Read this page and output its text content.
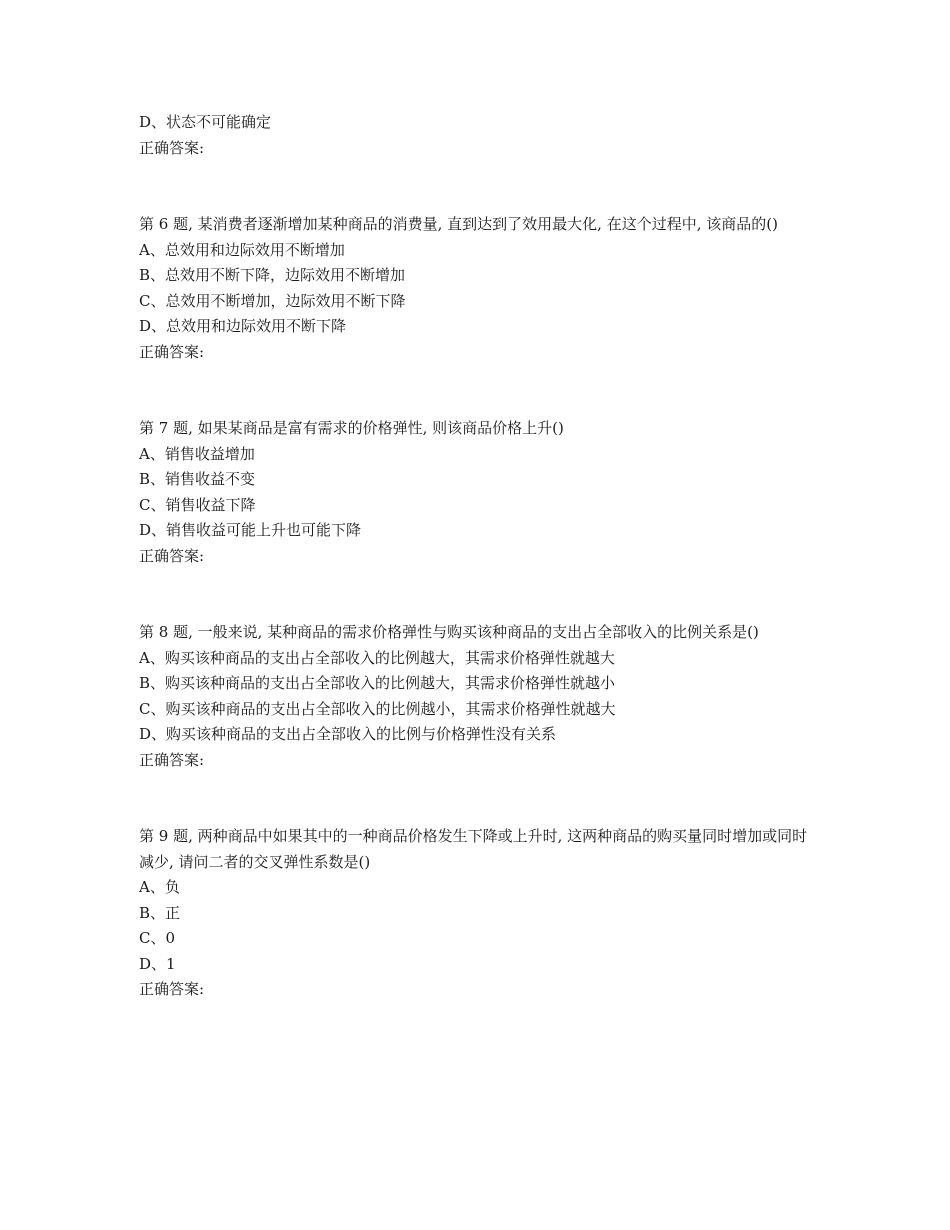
D、状态不可能确定

正确答案:

第 6 题, 某消费者逐渐增加某种商品的消费量, 直到达到了效用最大化, 在这个过程中, 该商品的()

A、总效用和边际效用不断增加

B、总效用不断下降，边际效用不断增加

C、总效用不断增加，边际效用不断下降

D、总效用和边际效用不断下降

正确答案:

第 7 题, 如果某商品是富有需求的价格弹性, 则该商品价格上升()

A、销售收益增加

B、销售收益不变

C、销售收益下降

D、销售收益可能上升也可能下降

正确答案:

第 8 题, 一般来说, 某种商品的需求价格弹性与购买该种商品的支出占全部收入的比例关系是()

A、购买该种商品的支出占全部收入的比例越大，其需求价格弹性就越大

B、购买该种商品的支出占全部收入的比例越大，其需求价格弹性就越小

C、购买该种商品的支出占全部收入的比例越小，其需求价格弹性就越大

D、购买该种商品的支出占全部收入的比例与价格弹性没有关系

正确答案:

第 9 题, 两种商品中如果其中的一种商品价格发生下降或上升时, 这两种商品的购买量同时增加或同时减少, 请问二者的交叉弹性系数是()

A、负

B、正

C、0

D、1

正确答案:
